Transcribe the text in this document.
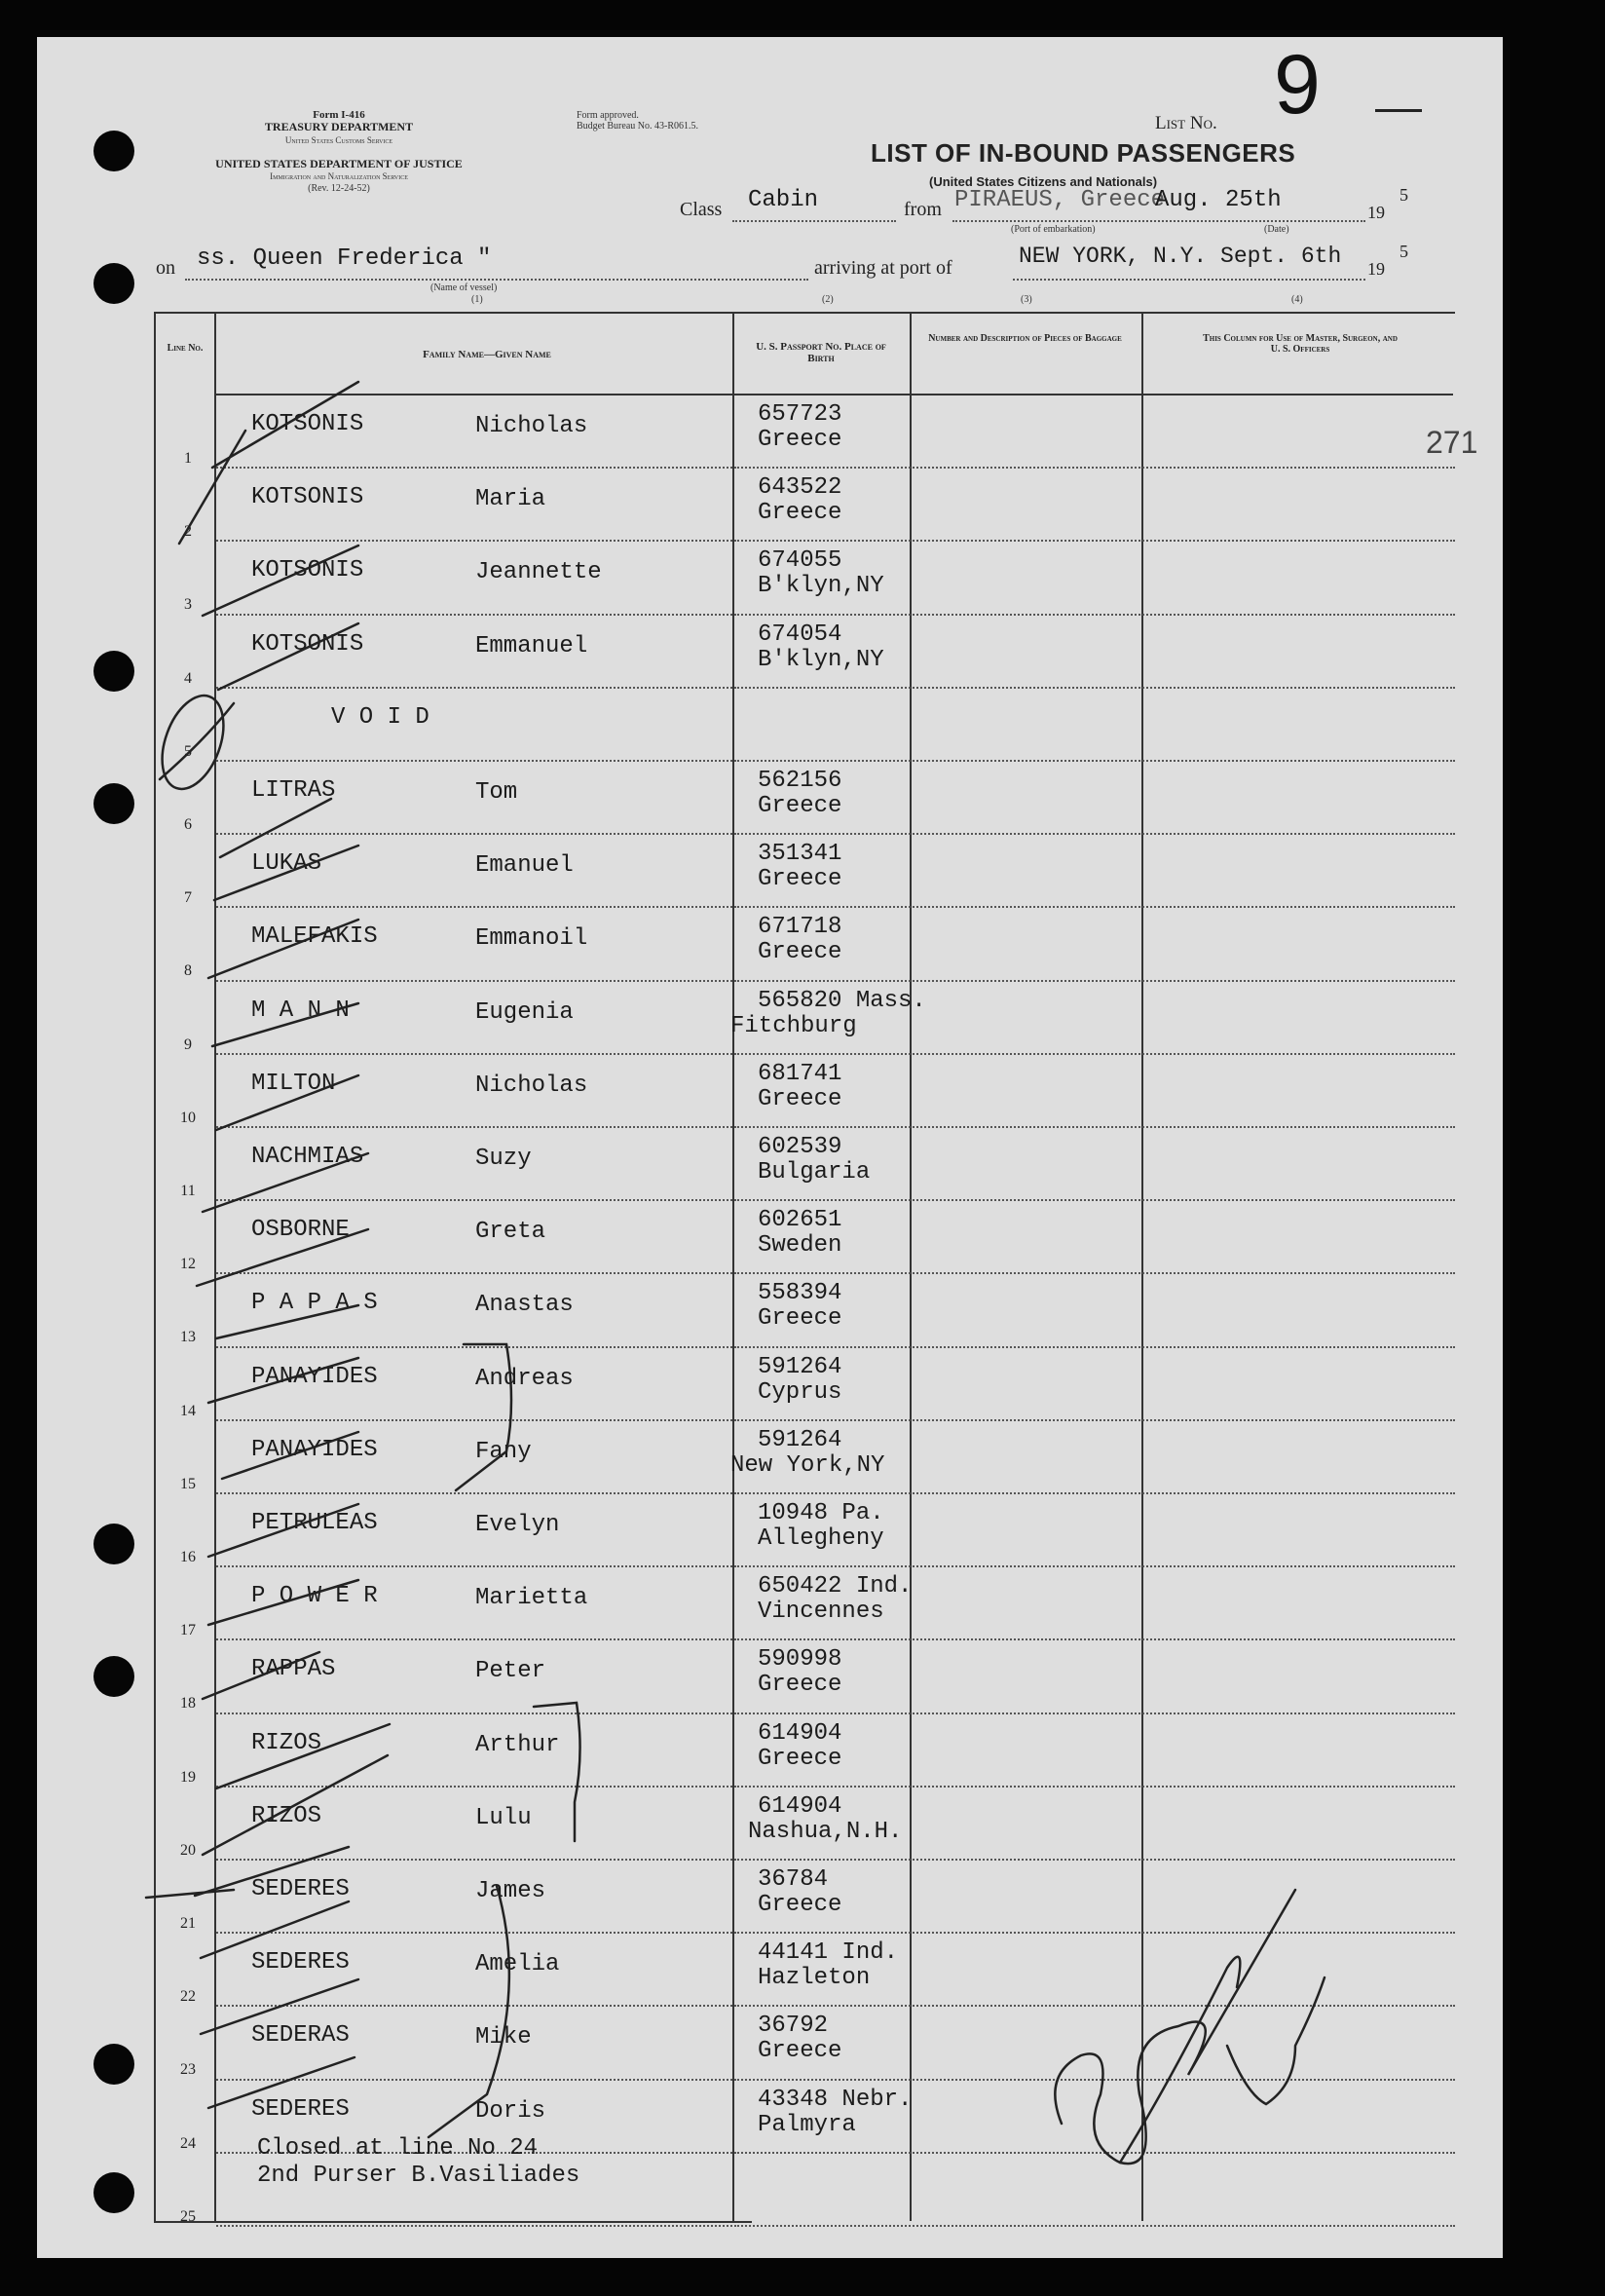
Form I-416
TREASURY DEPARTMENT
United States Customs Service
UNITED STATES DEPARTMENT OF JUSTICE
Immigration and Naturalization Service
(Rev. 12-24-52)
Form approved.
Budget Bureau No. 43-R061.5.	List No. 9
LIST OF IN-BOUND PASSENGERS
(United States Citizens and Nationals)
Class Cabin	from PIRAEUS, Greece
Aug. 25th	19
5
(Port of embarkation)	(Date)
on ss. Queen Frederica "
(Name of vessel)
(1)
arriving at port of	NEW YORK, N.Y. Sept. 6th 19
5
(2)	(3)	(4)
Line No.
Family Name—Given Name
U. S. Passport No. Place of Birth
Number and Description of Pieces of Baggage	This Column for Use of Master, Surgeon, and U. S. Officers
271
1
KOTSONIS	Nicholas	657723
Greece
2
KOTSONIS	Maria	643522
Greece
3
KOTSONIS	Jeannette	674055
B'klyn,NY
4
KOTSONIS	Emmanuel	674054
B'klyn,NY
5
V O I D
6
LITRAS	Tom	562156
Greece
7
LUKAS	Emanuel	351341
Greece
8
MALEFAKIS	Emmanoil	671718
Greece
9
M A N N	Eugenia	565820 Mass.
Fitchburg
10
MILTON	Nicholas	681741
Greece
11
NACHMIAS	Suzy	602539
Bulgaria
12
OSBORNE	Greta	602651
Sweden
13
P A P A S	Anastas	558394
Greece
14
PANAYIDES	Andreas	591264
Cyprus
15
PANAYIDES	Fany	591264
New York,NY
16
PETRULEAS	Evelyn	10948 Pa.
Allegheny
17
P O W E R	Marietta	650422 Ind.
Vincennes
18
RAPPAS	Peter	590998
Greece
19
RIZOS	Arthur	614904
Greece
20
RIZOS	Lulu	614904
Nashua,N.H.
21
SEDERES	James	36784
Greece
22
SEDERES	Amelia	44141 Ind.
Hazleton
23
SEDERAS	Mike	36792
Greece
24
SEDERES	Doris	43348 Nebr.
Palmyra
25
Closed at line No 24
2nd Purser B.Vasiliades
